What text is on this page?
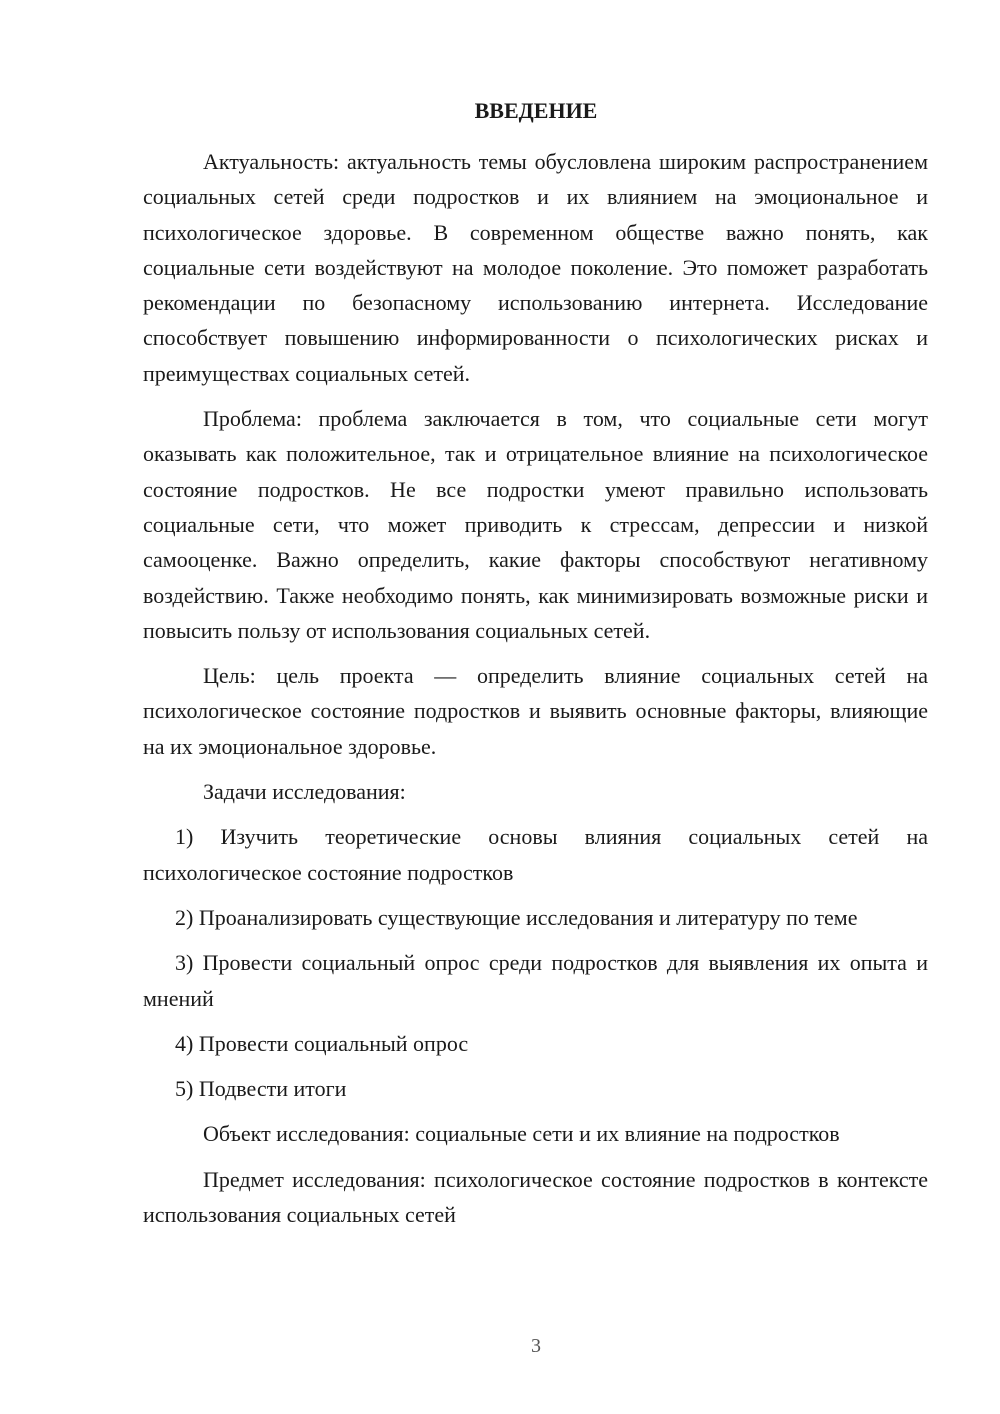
ВВЕДЕНИЕ

Актуальность: актуальность темы обусловлена широким распространением социальных сетей среди подростков и их влиянием на эмоциональное и психологическое здоровье. В современном обществе важно понять, как социальные сети воздействуют на молодое поколение. Это поможет разработать рекомендации по безопасному использованию интернета. Исследование способствует повышению информированности о психологических рисках и преимуществах социальных сетей.

Проблема: проблема заключается в том, что социальные сети могут оказывать как положительное, так и отрицательное влияние на психологическое состояние подростков. Не все подростки умеют правильно использовать социальные сети, что может приводить к стрессам, депрессии и низкой самооценке. Важно определить, какие факторы способствуют негативному воздействию. Также необходимо понять, как минимизировать возможные риски и повысить пользу от использования социальных сетей.

Цель: цель проекта — определить влияние социальных сетей на психологическое состояние подростков и выявить основные факторы, влияющие на их эмоциональное здоровье.

Задачи исследования:

1) Изучить теоретические основы влияния социальных сетей на психологическое состояние подростков

2) Проанализировать существующие исследования и литературу по теме

3) Провести социальный опрос среди подростков для выявления их опыта и мнений

4) Провести социальный опрос

5) Подвести итоги

Объект исследования: социальные сети и их влияние на подростков

Предмет исследования: психологическое состояние подростков в контексте использования социальных сетей

3
